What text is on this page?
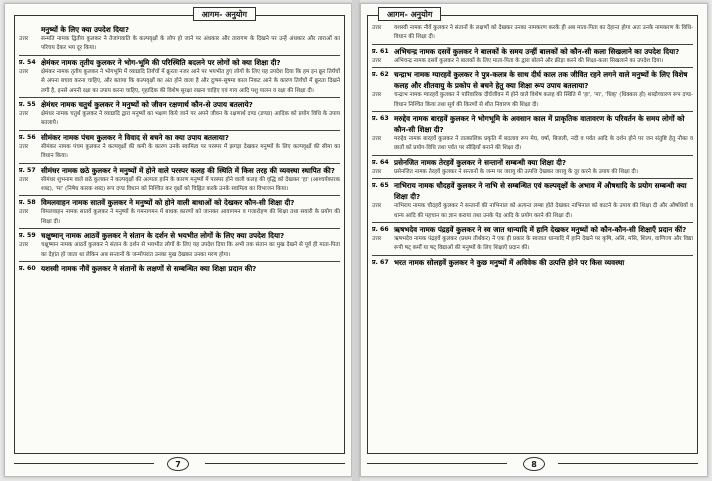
आगम- अनुयोग
मनुष्यों के लिए क्या उपदेश दिया?
उत्तर	सन्मति नामक द्वितीय कुलकर ने तेजांगवाति के कल्पवृक्षों के लोप हो जाने पर अंधकार और तारागण के दिखने पर उन्हें अंधकार और ताराओं का परिचय देकर भय दूर किया।
प्र. 54 क्षेमंकर नामक तृतीय कुलकर ने भोग-भूमि की परिस्थिति बदलने पर लोगों को क्या शिक्षा दी?
उत्तर	क्षेमंकर नामक तृतीय कुलकर ने भोगभूमि में व्याघ्रादि तिर्यंचों में क्रूरता नजर आने पर भयभीत हुए लोगों के लिए यह उपदेश दिया कि हम इन क्रूर तिर्यंचों से अपना बचाव करना चाहिए, और बताया कि कल्पवृक्षों का अंत होने वाला है और दुःषम-सुषमा काल निकट आने के कारण तिर्यंचों में क्रूरता दिखने लगी है, इनसे अपनी रक्षा का उपाय करना चाहिए, गृहादिक की विशेष सुरक्षा रखना चाहिए एवं गाय आदि पशु पालन व रक्षा की शिक्षा दी।
प्र. 55 क्षेमंधर नामक चतुर्थ कुलकर ने मनुष्यों को जीवन रक्षणार्थ कौन-से उपाय बतलाये?
उत्तर	क्षेमंधर नामक चतुर्थ कुलकर ने व्याघ्रादि द्वारा मनुष्यों का भक्षण किये जाने पर अपने जीवन के रक्षणार्थ दण्ड (डण्डा) आदिक को प्रयोग विधि के उपाय बतलाये।
प्र. 56 सीमंकर नामक पंचम कुलकर ने विवाद से बचने का क्या उपाय बतलाया?
उत्तर	सीमंकर नामक पंचम कुलकर ने कल्पवृक्षों की कमी के कारण उनके स्वामित्व पर परस्पर में झगड़ा देखकर मनुष्यों के लिए कल्पवृक्षों की सीमा का विधान किया।
प्र. 57 सीमंधर नामक छठे कुलकर ने मनुष्यों में होने वाले परस्पर कलह की स्थिति में किस तरह की व्यवस्था स्थापित की?
उत्तर	सीमंधर शुभनाम वाले छठे कुलकर ने कल्पवृक्षों की अल्पता हानि के कारण मनुष्यों में परस्पर होने वाली कलह की वृद्धि को देखकर 'हा' (आश्चर्यकारक शब्द), 'मा' (निषेध कारक शब्द) रूप दण्ड विधान को निश्चित कर वृक्षों को चिह्नित करके उनके स्वामित्व का विभाजन किया।
प्र. 58 विमलवाहन नामक सातवें कुलकर ने मनुष्यों को होने वाली बाधाओं को देखकर कौन-सी शिक्षा दी?
उत्तर	विमलवाहन नामक सातवें कुलकर ने मनुष्यों के गमनागमन में बाधक कारणों को जानकर आवागमन व गजारोहण की शिक्षा तथा सवारी के प्रयोग की शिक्षा दी।
प्र. 59 चक्षुष्मान् नामक आठवें कुलकर ने संतान के दर्शन से भयभीत लोगों के लिए क्या उपदेश दिया?
उत्तर	चक्षुष्मान नामक आठवें कुलकर ने संतान के दर्शन से भयभीत लोगों के लिए यह उपदेश दिया कि अभी तक संतान का मुख देखने से पूर्व ही माता-पिता का देहांत हो जाता था लेकिन अब सन्तानों के जन्मोपरांत उनका मुख देखकर उनका मरण होगा।
प्र. 60 यशस्वी नामक नौवें कुलकर ने संतानों के लक्षणों से सम्बन्धित क्या शिक्षा प्रदान की?
7
आगम- अनुयोग
उत्तर	यशस्वी नामक नौवें कुलकर ने संतानों के लक्षणों को देखकर उनका नामकरण करके ही अब माता-पिता का देहान्त होगा अतः उनके नामकरण के विधि-विधान की शिक्षा दी।
प्र. 61 अभिचन्द्र नामक दसवें कुलकर ने बालकों के समय उन्हीं बालकों को कौन-सी कला सिखलाने का उपदेश दिया?
उत्तर	अभिचन्द्र नामक दसवें कुलकर ने बालकों के लिए माता-पिता के द्वारा बोलने और क्रीड़ा करने की शिक्षा-कला सिखलाने का उपदेश दिया।
प्र. 62 चन्द्राभ नामक ग्यारहवें कुलकर ने पुत्र-कलत्र के साथ दीर्घ काल तक जीवित रहने लगने वाले मनुष्यों के लिए विशेष कलह और शीतवायु के प्रकोप से बचने हेतु क्या शिक्षा रूप उपाय बतलाया?
उत्तर	चन्द्राभ नामक ग्यारहवें कुलकर ने पारिवारिक दीर्घजीवन में होने वाले विशेष कलह की स्थिति में 'हा', 'मा', 'धिक्' (धिक्कार हो) शब्दोच्चारण रूप दण्ड-विधान निश्चित किया तथा सूर्य की किरणों से शीत निवारण की शिक्षा दी।
प्र. 63 मरुद्देव नामक बारहवें कुलकर ने भोगभूमि के अवसान काल में प्राकृतिक वातावरण के परिवर्तन के समय लोगों को कौन-सी शिक्षा दी?
उत्तर	मरुद्देव नामक बारहवें कुलकर ने तात्कालिक प्रकृति में बदलाव रूप मेघ, वर्षा, बिजली, नदी व पर्वत आदि के दर्शन होने पर जन संतुष्टि हेतु नौका व छातों को प्रयोग-विधि तथा पर्वत पर सीढ़ियाँ बनाने की शिक्षा दी।
प्र. 64 प्रसेनजित नामक तेरहवें कुलकर ने सन्तानों सम्बन्धी क्या शिक्षा दी?
उत्तर	प्रसेनजित नामक तेरहवें कुलकर ने सन्तानों के जन्म पर जरायु की उत्पत्ति देखकर जरायु के दूर करने के उपाय की शिक्षा दी।
प्र. 65 नाभिराय नामक चौदहवें कुलकर ने नाभि से सम्बन्धित एवं कल्पवृक्षों के अभाव में औषधादि के प्रयोग सम्बन्धी क्या शिक्षा दी?
उत्तर	नाभिराय नामक चौदहवें कुलकर ने सन्तानों की नाभिनाल को अत्यन्त लम्बा होते देखकर नाभिनाल को काटने के उपाय की शिक्षा दी और औषधियों व धान्य आदि की पहचान का ज्ञान कराया तथा उनके पेड़ आदि के प्रयोग करने की शिक्षा दी।
प्र. 66 ऋषभदेव नामक पंद्रहवें कुलकर ने स्व जात धान्यादि में हानि देखकर मनुष्यों को कौन-कौन-सी शिक्षाएँ प्रदान कीं?
उत्तर	ऋषभदेव नामक पंद्रहवें कुलकर (प्रथम तीर्थंकर) ने एक ही प्रकार के स्वजात धान्यादि में हानि देखने पर कृषि, असि, मसि, शिल्प, वाणिज्य और विद्या रूपी षट् कर्मों या षट् विद्याओं की मनुष्यों के लिए शिक्षाएँ प्रदान कीं।
प्र. 67 भरत नामक सोलहवें कुलकर ने कुछ मनुष्यों में अविवेक की उत्पत्ति होने पर किस व्यवस्था
8
